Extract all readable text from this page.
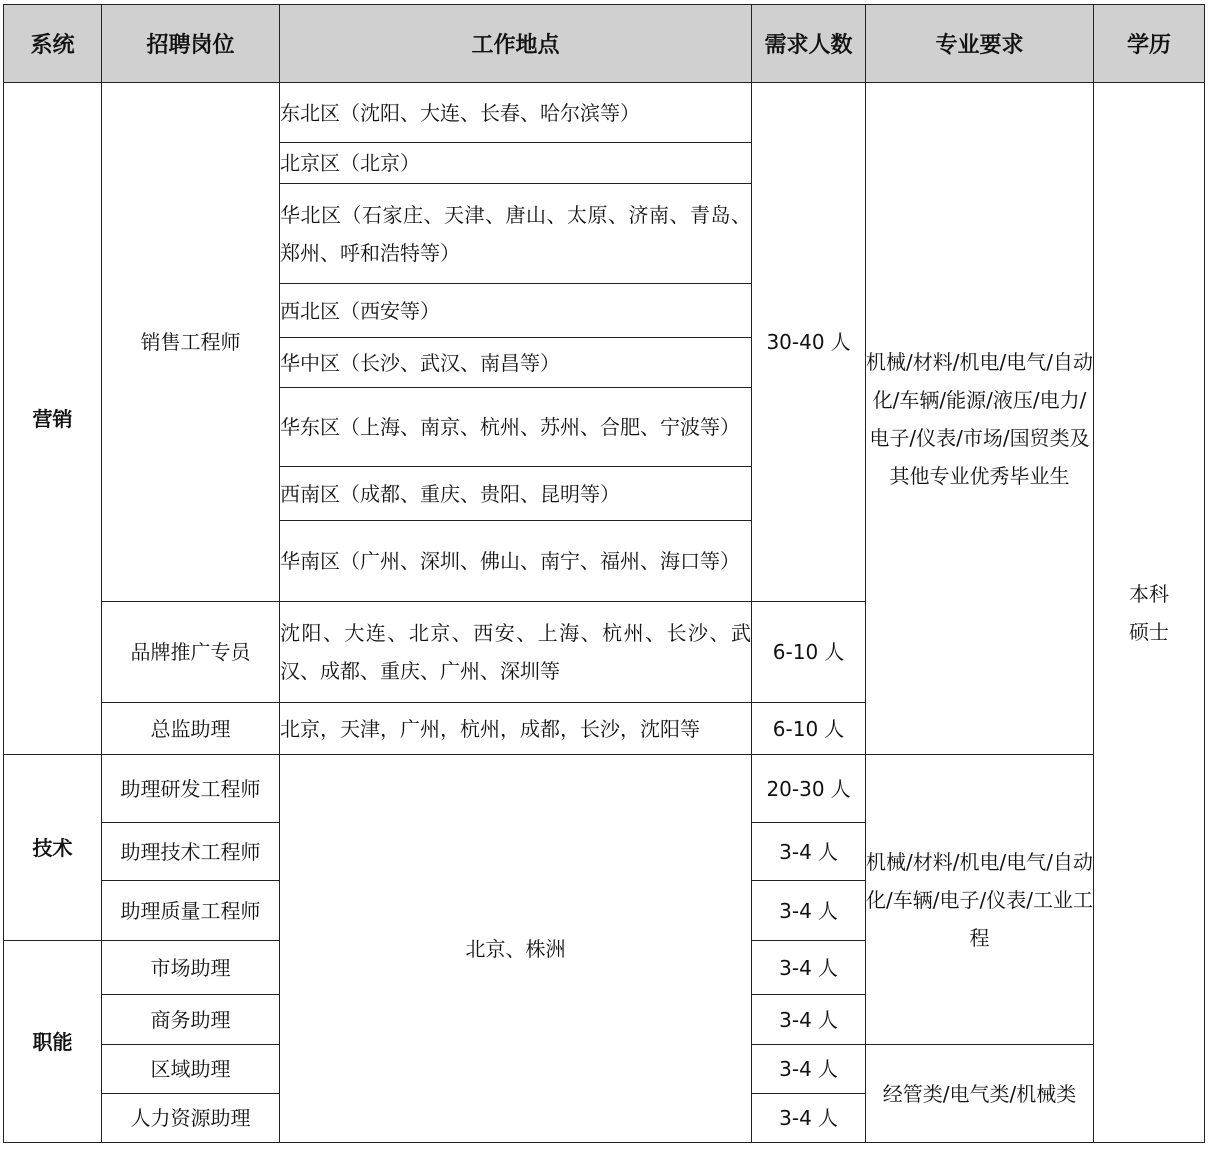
系统	招聘岗位	工作地点	需求人数	专业要求	学历
营销	销售工程师	东北区（沈阳、大连、长春、哈尔滨等）	30-40 人	机械/材料/机电/电气/自动化/车辆/能源/液压/电力/电子/仪表/市场/国贸类及其他专业优秀毕业生	本科
硕士

		北京区（北京）			
		华北区（石家庄、天津、唐山、太原、济南、青岛、郑州、呼和浩特等）			
		西北区（西安等）			
		华中区（长沙、武汉、南昌等）			
		华东区（上海、南京、杭州、苏州、合肥、宁波等）			
		西南区（成都、重庆、贵阳、昆明等）			
		华南区（广州、深圳、佛山、南宁、福州、海口等）			
	品牌推广专员	沈阳、大连、北京、西安、上海、杭州、长沙、武汉、成都、重庆、广州、深圳等	6-10 人		
	总监助理	北京，天津，广州，杭州，成都，长沙，沈阳等	6-10 人		
技术	助理研发工程师	北京、株洲	20-30 人	机械/材料/机电/电气/自动化/车辆/电子/仪表/工业工程	
	助理技术工程师		3-4 人		
	助理质量工程师		3-4 人		
职能	市场助理		3-4 人		
	商务助理		3-4 人		
	区域助理		3-4 人	经管类/电气类/机械类	
	人力资源助理		3-4 人		
